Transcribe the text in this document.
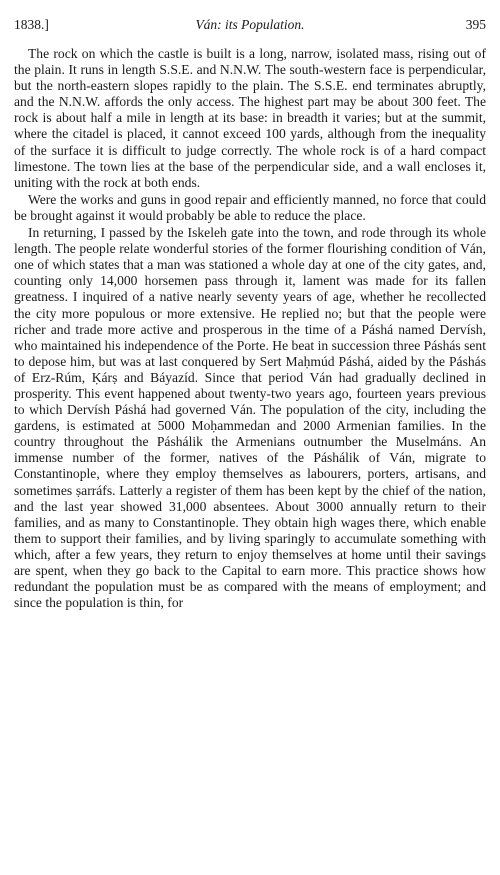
1838.]	Ván: its Population.	395

The rock on which the castle is built is a long, narrow, isolated mass, rising out of the plain. It runs in length S.S.E. and N.N.W. The south-western face is perpendicular, but the north-eastern slopes rapidly to the plain. The S.S.E. end terminates abruptly, and the N.N.W. affords the only access. The highest part may be about 300 feet. The rock is about half a mile in length at its base: in breadth it varies; but at the summit, where the citadel is placed, it cannot exceed 100 yards, although from the inequality of the surface it is difficult to judge correctly. The whole rock is of a hard compact limestone. The town lies at the base of the perpendicular side, and a wall encloses it, uniting with the rock at both ends.

Were the works and guns in good repair and efficiently manned, no force that could be brought against it would probably be able to reduce the place.

In returning, I passed by the Iskeleh gate into the town, and rode through its whole length. The people relate wonderful stories of the former flourishing condition of Ván, one of which states that a man was stationed a whole day at one of the city gates, and, counting only 14,000 horsemen pass through it, lament was made for its fallen greatness. I inquired of a native nearly seventy years of age, whether he recollected the city more populous or more extensive. He replied no; but that the people were richer and trade more active and prosperous in the time of a Páshá named Dervísh, who maintained his independence of the Porte. He beat in succession three Páshás sent to depose him, but was at last conquered by Sert Maḥmúd Páshá, aided by the Páshás of Erz-Rúm, Ḳárṣ and Báyazíd. Since that period Ván had gradually declined in prosperity. This event happened about twenty-two years ago, fourteen years previous to which Dervísh Páshá had governed Ván. The population of the city, including the gardens, is estimated at 5000 Moḥammedan and 2000 Armenian families. In the country throughout the Páshálik the Armenians outnumber the Muselmáns. An immense number of the former, natives of the Páshálik of Ván, migrate to Constantinople, where they employ themselves as labourers, porters, artisans, and sometimes ṣarráfs. Latterly a register of them has been kept by the chief of the nation, and the last year showed 31,000 absentees. About 3000 annually return to their families, and as many to Constantinople. They obtain high wages there, which enable them to support their families, and by living sparingly to accumulate something with which, after a few years, they return to enjoy themselves at home until their savings are spent, when they go back to the Capital to earn more. This practice shows how redundant the population must be as compared with the means of employment; and since the population is thin, for
